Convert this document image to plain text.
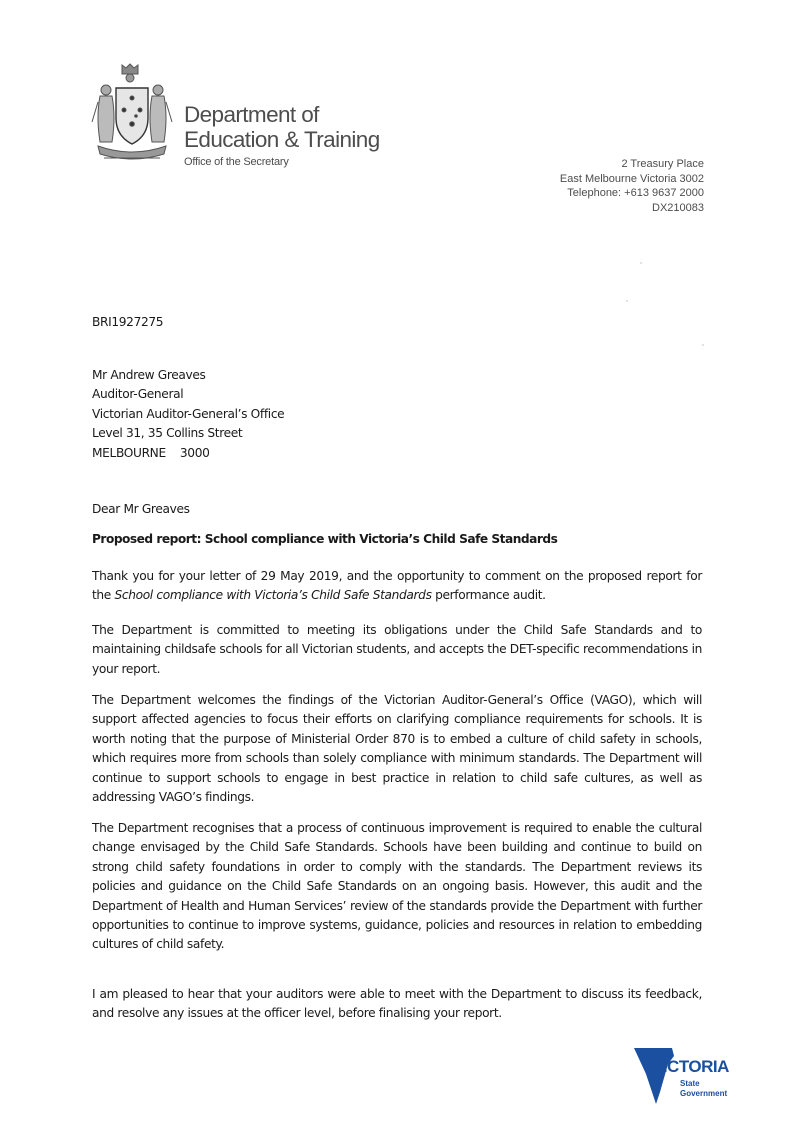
Department of
Education & Training
Office of the Secretary	2 Treasury Place
East Melbourne Victoria 3002
Telephone: +613 9637 2000
DX210083
BRI1927275
Mr Andrew Greaves
Auditor-General
Victorian Auditor-General’s Office
Level 31, 35 Collins Street
MELBOURNE    3000
Dear Mr Greaves
Proposed report: School compliance with Victoria’s Child Safe Standards
Thank you for your letter of 29 May 2019, and the opportunity to comment on the proposed report for the School compliance with Victoria’s Child Safe Standards performance audit.
The Department is committed to meeting its obligations under the Child Safe Standards and to maintaining childsafe schools for all Victorian students, and accepts the DET-specific recommendations in your report.
The Department welcomes the findings of the Victorian Auditor-General’s Office (VAGO), which will support affected agencies to focus their efforts on clarifying compliance requirements for schools. It is worth noting that the purpose of Ministerial Order 870 is to embed a culture of child safety in schools, which requires more from schools than solely compliance with minimum standards. The Department will continue to support schools to engage in best practice in relation to child safe cultures, as well as addressing VAGO’s findings.
The Department recognises that a process of continuous improvement is required to enable the cultural change envisaged by the Child Safe Standards. Schools have been building and continue to build on strong child safety foundations in order to comply with the standards. The Department reviews its policies and guidance on the Child Safe Standards on an ongoing basis. However, this audit and the Department of Health and Human Services’ review of the standards provide the Department with further opportunities to continue to improve systems, guidance, policies and resources in relation to embedding cultures of child safety.
I am pleased to hear that your auditors were able to meet with the Department to discuss its feedback, and resolve any issues at the officer level, before finalising your report.
VICTORIA
State
Government
